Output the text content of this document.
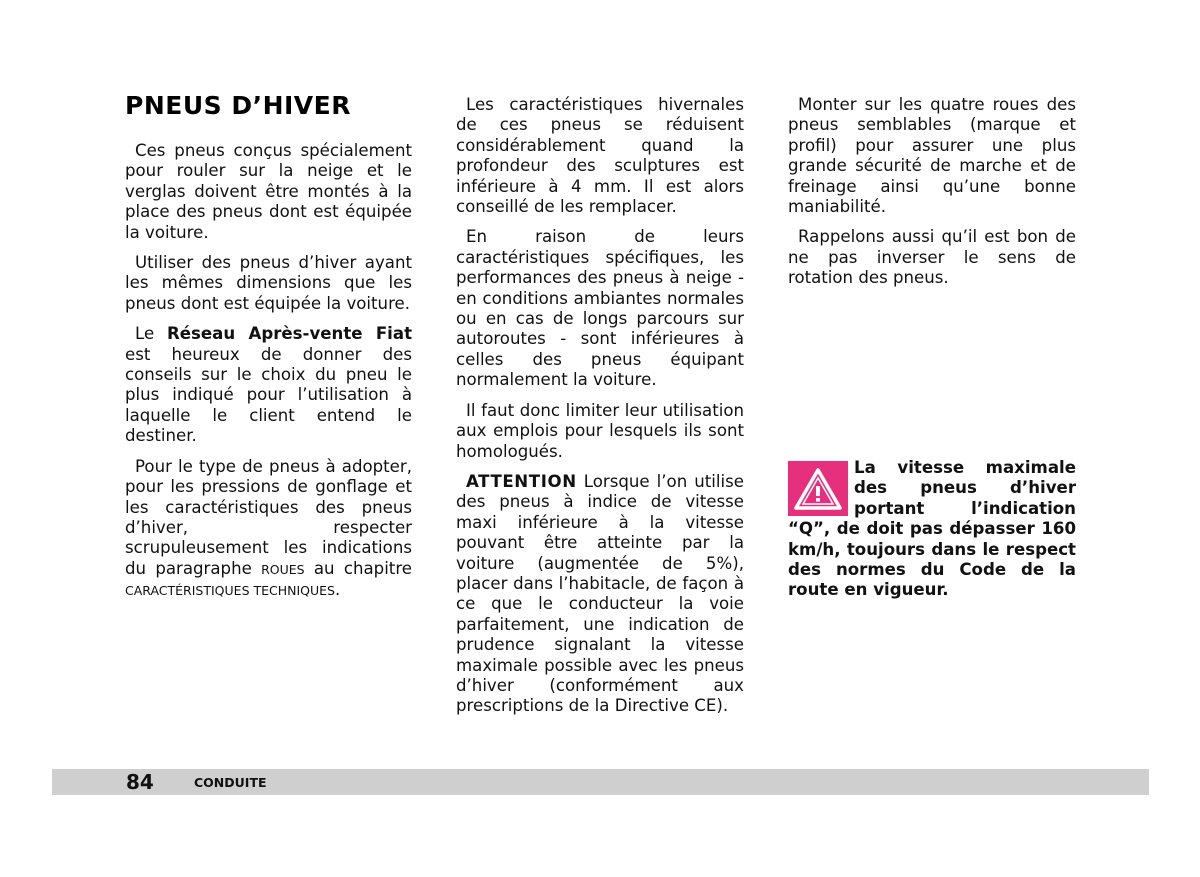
PNEUS D’HIVER

Ces pneus conçus spécialement pour rouler sur la neige et le verglas doivent être montés à la place des pneus dont est équipée la voiture.

Utiliser des pneus d’hiver ayant les mêmes dimensions que les pneus dont est équipée la voiture.

Le Réseau Après-vente Fiat est heureux de donner des conseils sur le choix du pneu le plus indiqué pour l’utilisation à laquelle le client entend le destiner.

Pour le type de pneus à adopter, pour les pressions de gonflage et les caractéristiques des pneus d’hiver, respecter scrupuleusement les indications du paragraphe ROUES au chapitre CARACTÉRISTIQUES TECHNIQUES.

Les caractéristiques hivernales de ces pneus se réduisent considérablement quand la profondeur des sculptures est inférieure à 4 mm. Il est alors conseillé de les remplacer.

En raison de leurs caractéristiques spécifiques, les performances des pneus à neige - en conditions ambiantes normales ou en cas de longs parcours sur autoroutes - sont inférieures à celles des pneus équipant normalement la voiture.

Il faut donc limiter leur utilisation aux emplois pour lesquels ils sont homologués.

ATTENTION Lorsque l’on utilise des pneus à indice de vitesse maxi inférieure à la vitesse pouvant être atteinte par la voiture (augmentée de 5%), placer dans l’habitacle, de façon à ce que le conducteur la voie parfaitement, une indication de prudence signalant la vitesse maximale possible avec les pneus d’hiver (conformément aux prescriptions de la Directive CE).

Monter sur les quatre roues des pneus semblables (marque et profil) pour assurer une plus grande sécurité de marche et de freinage ainsi qu’une bonne maniabilité.

Rappelons aussi qu’il est bon de ne pas inverser le sens de rotation des pneus.

La vitesse maximale des pneus d’hiver portant l’indication “Q”, de doit pas dépasser 160 km/h, toujours dans le respect des normes du Code de la route en vigueur.
84	CONDUITE
